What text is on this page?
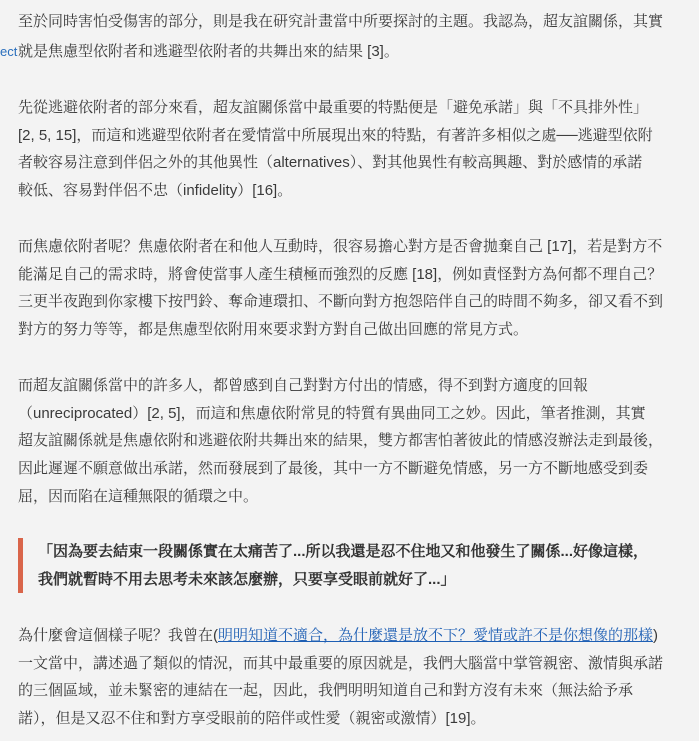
ect
至於同時害怕受傷害的部分，則是我在研究計畫當中所要探討的主題。我認為，超友誼關係，其實
就是焦慮型依附者和逃避型依附者的共舞出來的結果 [3]。
先從逃避依附者的部分來看，超友誼關係當中最重要的特點便是「避免承諾」與「不具排外性」
[2, 5, 15]，而這和逃避型依附者在愛情當中所展現出來的特點，有著許多相似之處──逃避型依附
者較容易注意到伴侶之外的其他異性（alternatives）、對其他異性有較高興趣、對於感情的承諾
較低、容易對伴侶不忠（infidelity）[16]。
而焦慮依附者呢？焦慮依附者在和他人互動時，很容易擔心對方是否會拋棄自己 [17]，若是對方不
能滿足自己的需求時，將會使當事人產生積極而強烈的反應 [18]，例如責怪對方為何都不理自己？
三更半夜跑到你家樓下按門鈴、奪命連環扣、不斷向對方抱怨陪伴自己的時間不夠多，卻又看不到
對方的努力等等，都是焦慮型依附用來要求對方對自己做出回應的常見方式。
而超友誼關係當中的許多人，都曾感到自己對對方付出的情感，得不到對方適度的回報
（unreciprocated）[2, 5]，而這和焦慮依附常見的特質有異曲同工之妙。因此，筆者推測，其實
超友誼關係就是焦慮依附和逃避依附共舞出來的結果，雙方都害怕著彼此的情感沒辦法走到最後，
因此遲遲不願意做出承諾，然而發展到了最後，其中一方不斷避免情感，另一方不斷地感受到委
屈，因而陷在這種無限的循環之中。
「因為要去結束一段關係實在太痛苦了...所以我還是忍不住地又和他發生了關係...好像這樣，
我們就暫時不用去思考未來該怎麼辦，只要享受眼前就好了...」
為什麼會這個樣子呢？我曾在(明明知道不適合，為什麼還是放不下？愛情或許不是你想像的那樣)
一文當中，講述過了類似的情況，而其中最重要的原因就是，我們大腦當中掌管親密、激情與承諾
的三個區域，並未緊密的連結在一起，因此，我們明明知道自己和對方沒有未來（無法給予承
諾），但是又忍不住和對方享受眼前的陪伴或性愛（親密或激情）[19]。
